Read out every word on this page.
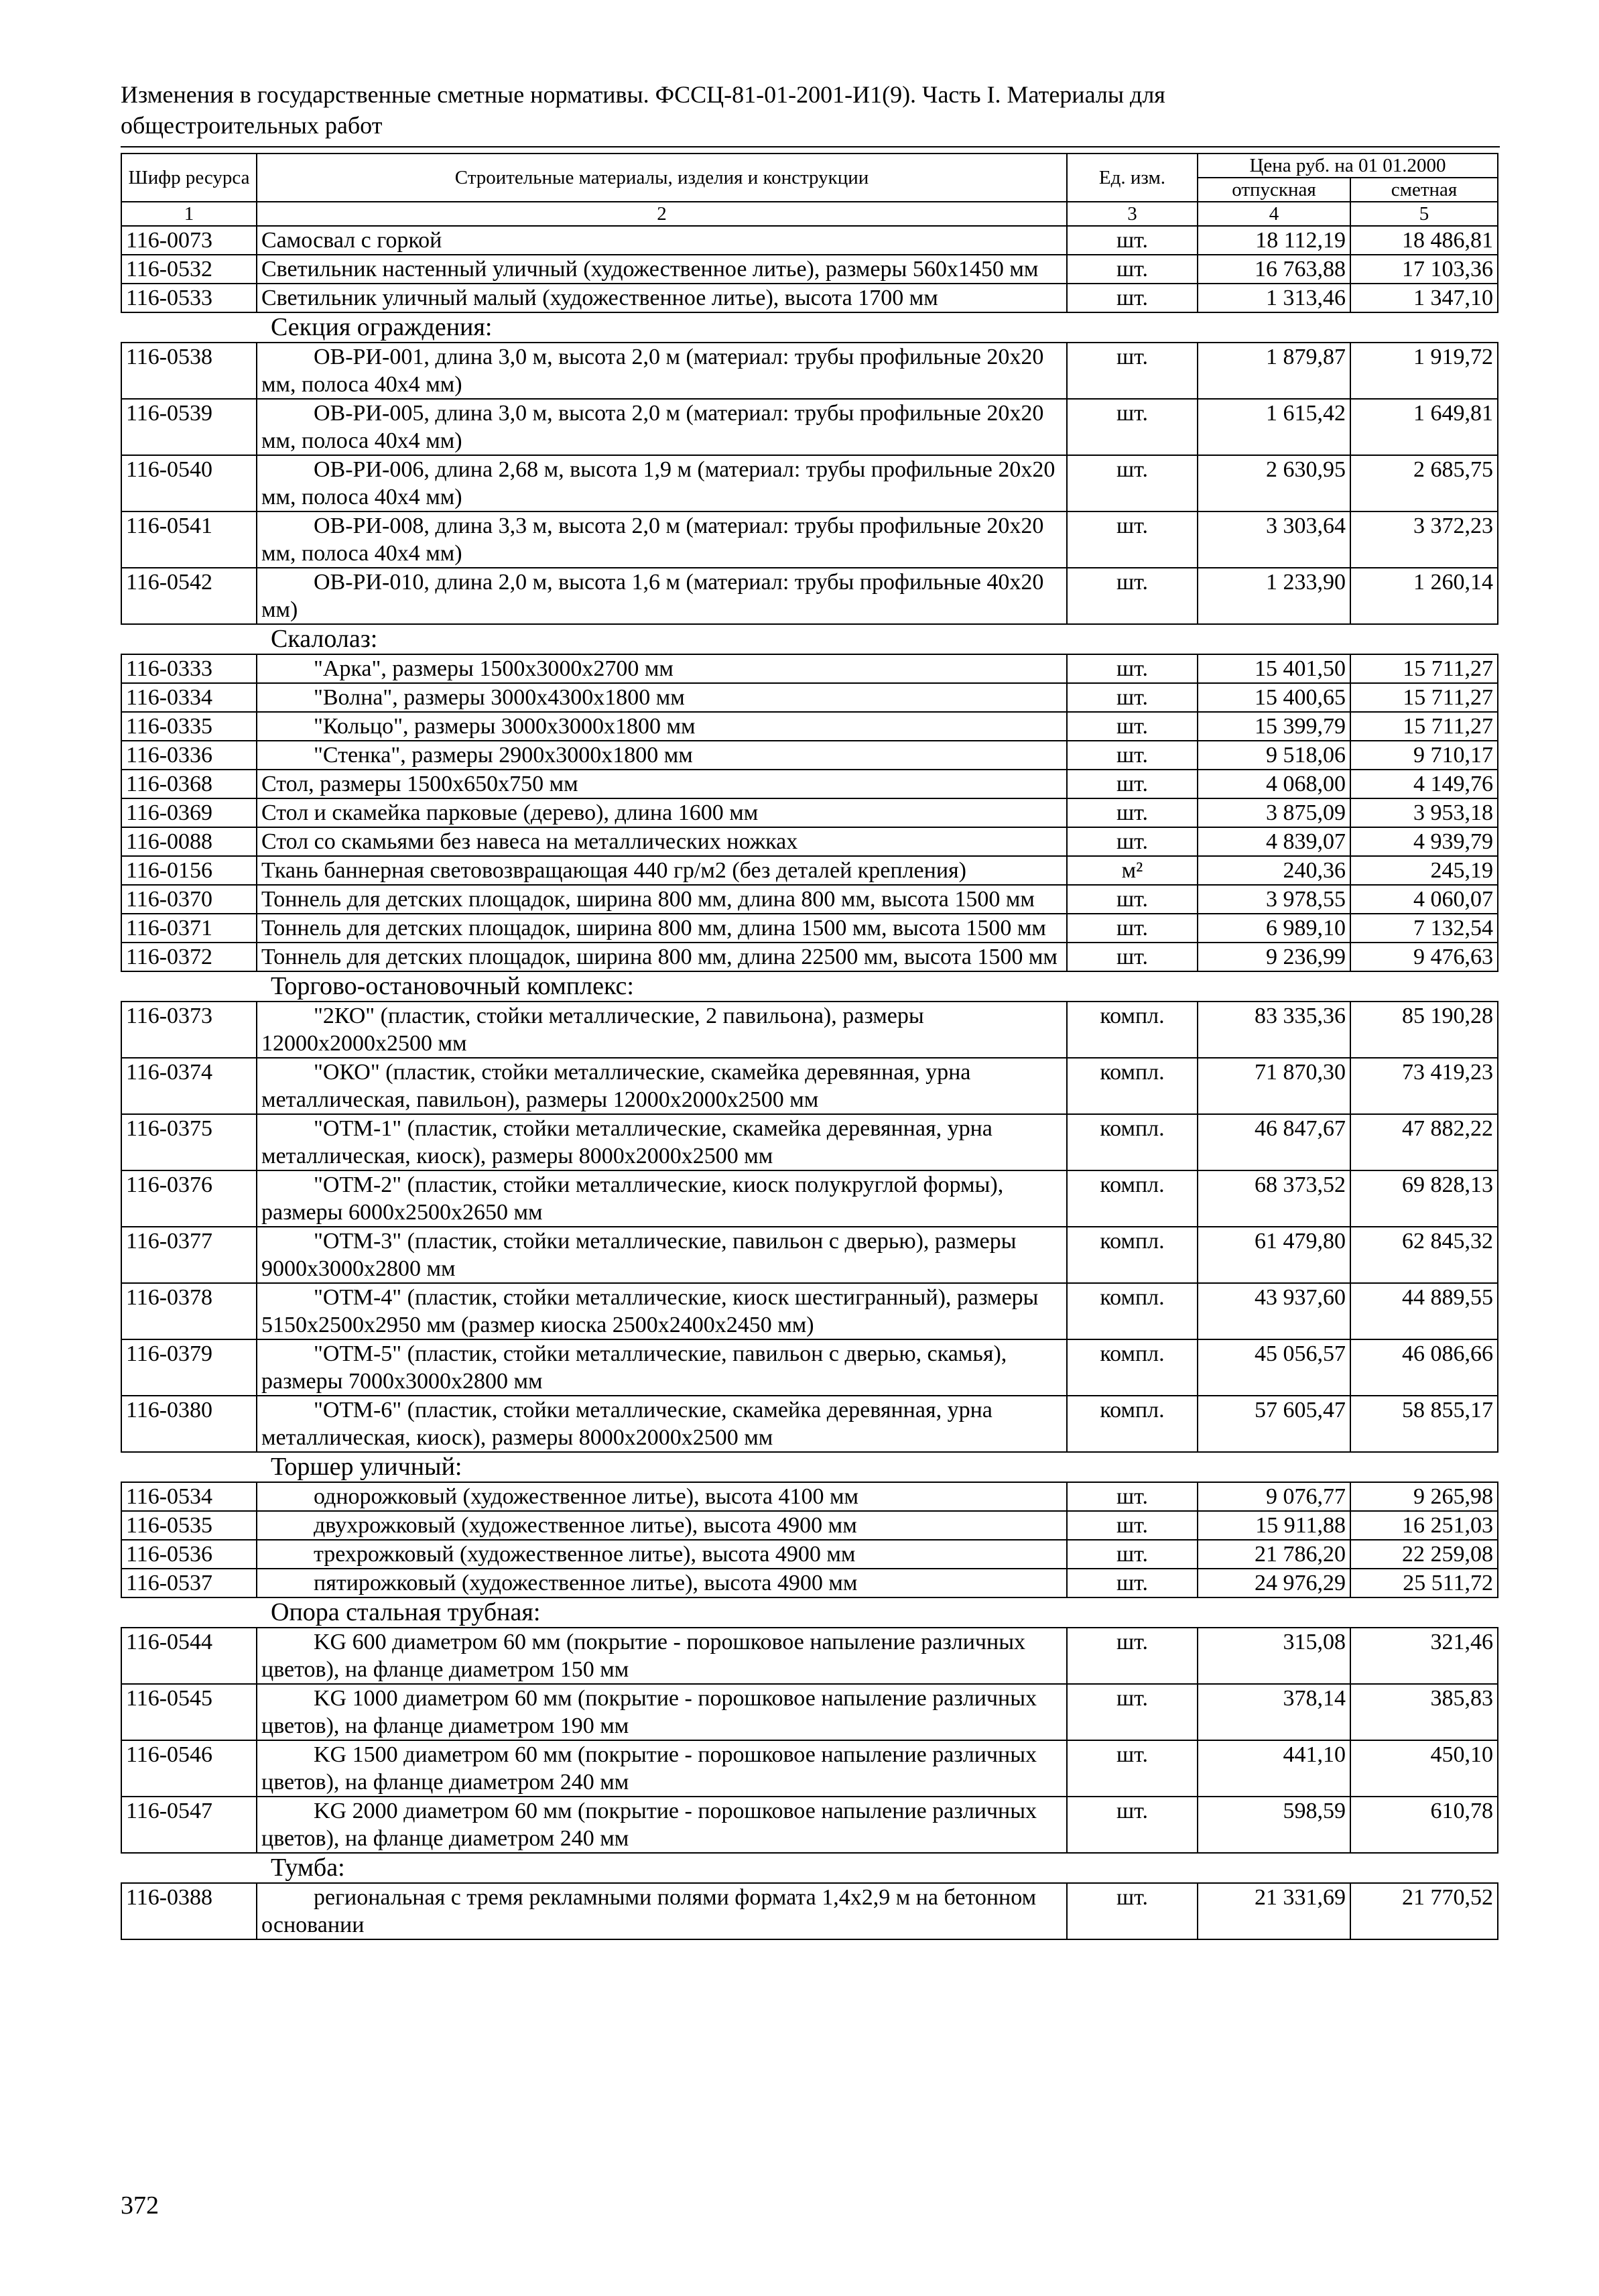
Изменения в государственные сметные нормативы. ФССЦ-81-01-2001-И1(9). Часть I. Материалы для
общестроительных работ
Шифр ресурса	Строительные материалы, изделия и конструкции	Ед. изм.	Цена руб. на 01 01.2000	
			отпускная	сметная
1	2	3	4	5
116-0073	Самосвал с горкой	шт.	18 112,19	18 486,81
116-0532	Светильник настенный уличный (художественное литье), размеры 560х1450 мм	шт.	16 763,88	17 103,36
116-0533	Светильник уличный малый (художественное литье), высота 1700 мм	шт.	1 313,46	1 347,10
Секция ограждения:				
116-0538	ОВ-РИ-001, длина 3,0 м, высота 2,0 м (материал: трубы профильные 20х20 мм, полоса 40х4 мм)	шт.	1 879,87	1 919,72
116-0539	ОВ-РИ-005, длина 3,0 м, высота 2,0 м (материал: трубы профильные 20х20 мм, полоса 40х4 мм)	шт.	1 615,42	1 649,81
116-0540	ОВ-РИ-006, длина 2,68 м, высота 1,9 м (материал: трубы профильные 20х20 мм, полоса 40х4 мм)	шт.	2 630,95	2 685,75
116-0541	ОВ-РИ-008, длина 3,3 м, высота 2,0 м (материал: трубы профильные 20х20 мм, полоса 40х4 мм)	шт.	3 303,64	3 372,23
116-0542	ОВ-РИ-010, длина 2,0 м, высота 1,6 м (материал: трубы профильные 40х20 мм)	шт.	1 233,90	1 260,14
Скалолаз:				
116-0333	"Арка", размеры 1500х3000х2700 мм	шт.	15 401,50	15 711,27
116-0334	"Волна", размеры 3000х4300х1800 мм	шт.	15 400,65	15 711,27
116-0335	"Кольцо", размеры 3000х3000х1800 мм	шт.	15 399,79	15 711,27
116-0336	"Стенка", размеры 2900х3000х1800 мм	шт.	9 518,06	9 710,17
116-0368	Стол, размеры 1500х650х750 мм	шт.	4 068,00	4 149,76
116-0369	Стол и скамейка парковые (дерево), длина 1600 мм	шт.	3 875,09	3 953,18
116-0088	Стол со скамьями без навеса на металлических ножках	шт.	4 839,07	4 939,79
116-0156	Ткань баннерная световозвращающая 440 гр/м2 (без деталей крепления)	м²	240,36	245,19
116-0370	Тоннель для детских площадок, ширина 800 мм, длина 800 мм, высота 1500 мм	шт.	3 978,55	4 060,07
116-0371	Тоннель для детских площадок, ширина 800 мм, длина 1500 мм, высота 1500 мм	шт.	6 989,10	7 132,54
116-0372	Тоннель для детских площадок, ширина 800 мм, длина 22500 мм, высота 1500 мм	шт.	9 236,99	9 476,63
Торгово-остановочный комплекс:				
116-0373	"2КО" (пластик, стойки металлические, 2 павильона), размеры 12000х2000х2500 мм	компл.	83 335,36	85 190,28
116-0374	"ОКО" (пластик, стойки металлические, скамейка деревянная, урна металлическая, павильон), размеры 12000х2000х2500 мм	компл.	71 870,30	73 419,23
116-0375	"ОТМ-1" (пластик, стойки металлические, скамейка деревянная, урна металлическая, киоск), размеры 8000х2000х2500 мм	компл.	46 847,67	47 882,22
116-0376	"ОТМ-2" (пластик, стойки металлические, киоск полукруглой формы), размеры 6000х2500х2650 мм	компл.	68 373,52	69 828,13
116-0377	"ОТМ-3" (пластик, стойки металлические, павильон с дверью), размеры 9000х3000х2800 мм	компл.	61 479,80	62 845,32
116-0378	"ОТМ-4" (пластик, стойки металлические, киоск шестигранный), размеры 5150х2500х2950 мм (размер киоска 2500х2400х2450 мм)	компл.	43 937,60	44 889,55
116-0379	"ОТМ-5" (пластик, стойки металлические, павильон с дверью, скамья), размеры 7000х3000х2800 мм	компл.	45 056,57	46 086,66
116-0380	"ОТМ-6" (пластик, стойки металлические, скамейка деревянная, урна металлическая, киоск), размеры 8000х2000х2500 мм	компл.	57 605,47	58 855,17
Торшер уличный:				
116-0534	однорожковый (художественное литье), высота 4100 мм	шт.	9 076,77	9 265,98
116-0535	двухрожковый (художественное литье), высота 4900 мм	шт.	15 911,88	16 251,03
116-0536	трехрожковый (художественное литье), высота 4900 мм	шт.	21 786,20	22 259,08
116-0537	пятирожковый (художественное литье), высота 4900 мм	шт.	24 976,29	25 511,72
Опора стальная трубная:				
116-0544	KG 600 диаметром 60 мм (покрытие - порошковое напыление различных цветов), на фланце диаметром 150 мм	шт.	315,08	321,46
116-0545	KG 1000 диаметром 60 мм (покрытие - порошковое напыление различных цветов), на фланце диаметром 190 мм	шт.	378,14	385,83
116-0546	KG 1500 диаметром 60 мм (покрытие - порошковое напыление различных цветов), на фланце диаметром 240 мм	шт.	441,10	450,10
116-0547	KG 2000 диаметром 60 мм (покрытие - порошковое напыление различных цветов), на фланце диаметром 240 мм	шт.	598,59	610,78
Тумба:				
116-0388	региональная с тремя рекламными полями формата 1,4х2,9 м на бетонном основании	шт.	21 331,69	21 770,52
372
